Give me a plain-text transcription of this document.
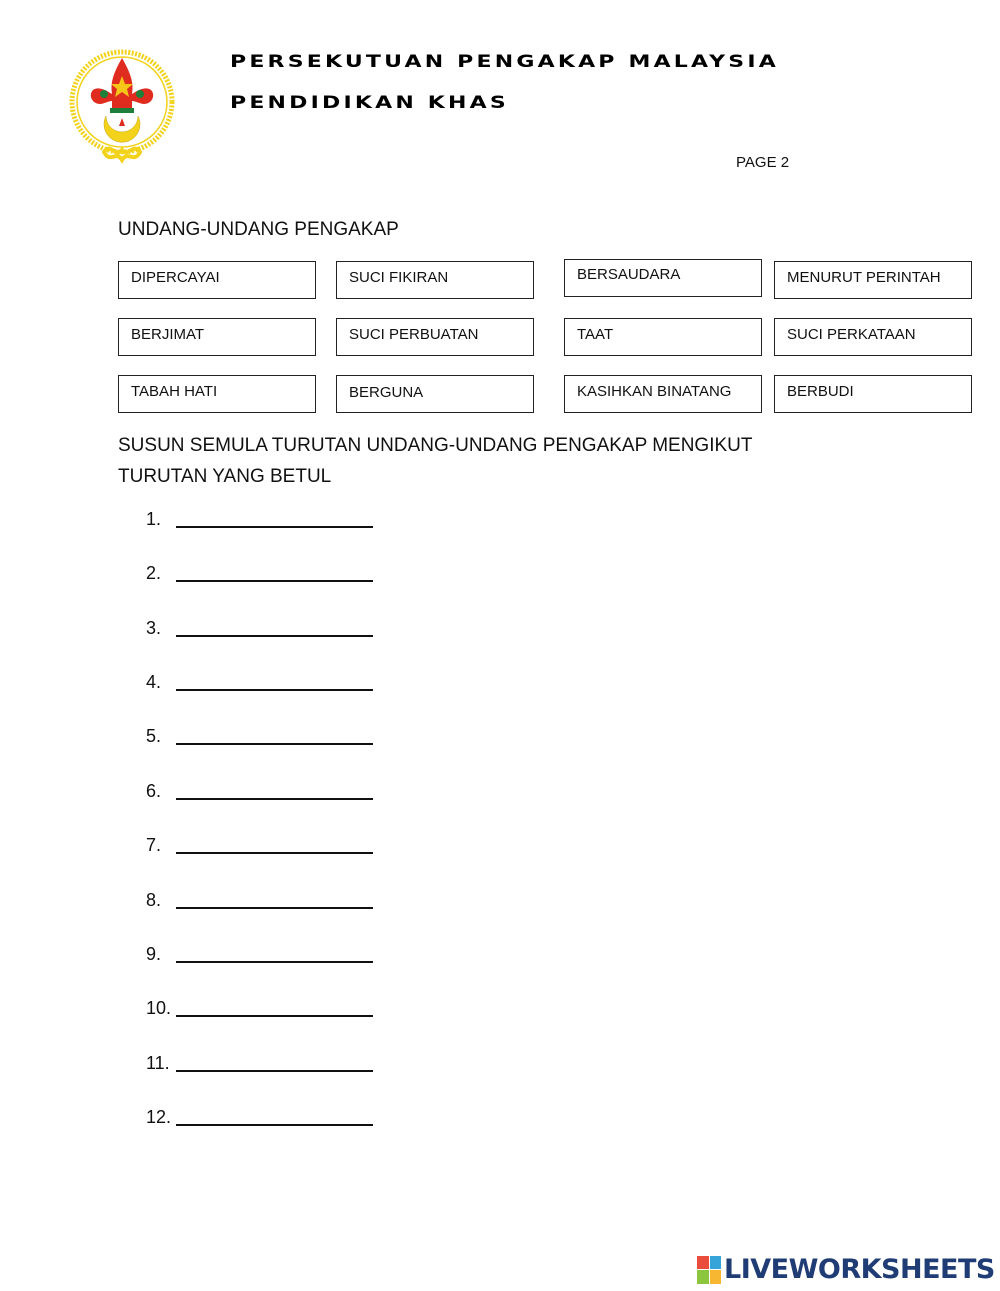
PERSEKUTUAN PENGAKAP MALAYSIA
PENDIDIKAN KHAS
PAGE 2
UNDANG-UNDANG PENGAKAP
DIPERCAYAI	SUCI FIKIRAN	BERSAUDARA	MENURUT PERINTAH
BERJIMAT	SUCI PERBUATAN	TAAT	SUCI PERKATAAN
TABAH HATI	BERGUNA	KASIHKAN BINATANG	BERBUDI
SUSUN SEMULA TURUTAN UNDANG-UNDANG PENGAKAP MENGIKUT
TURUTAN YANG BETUL
1.
2.
3.
4.
5.
6.
7.
8.
9.
10.
11.
12.
LIVEWORKSHEETS
